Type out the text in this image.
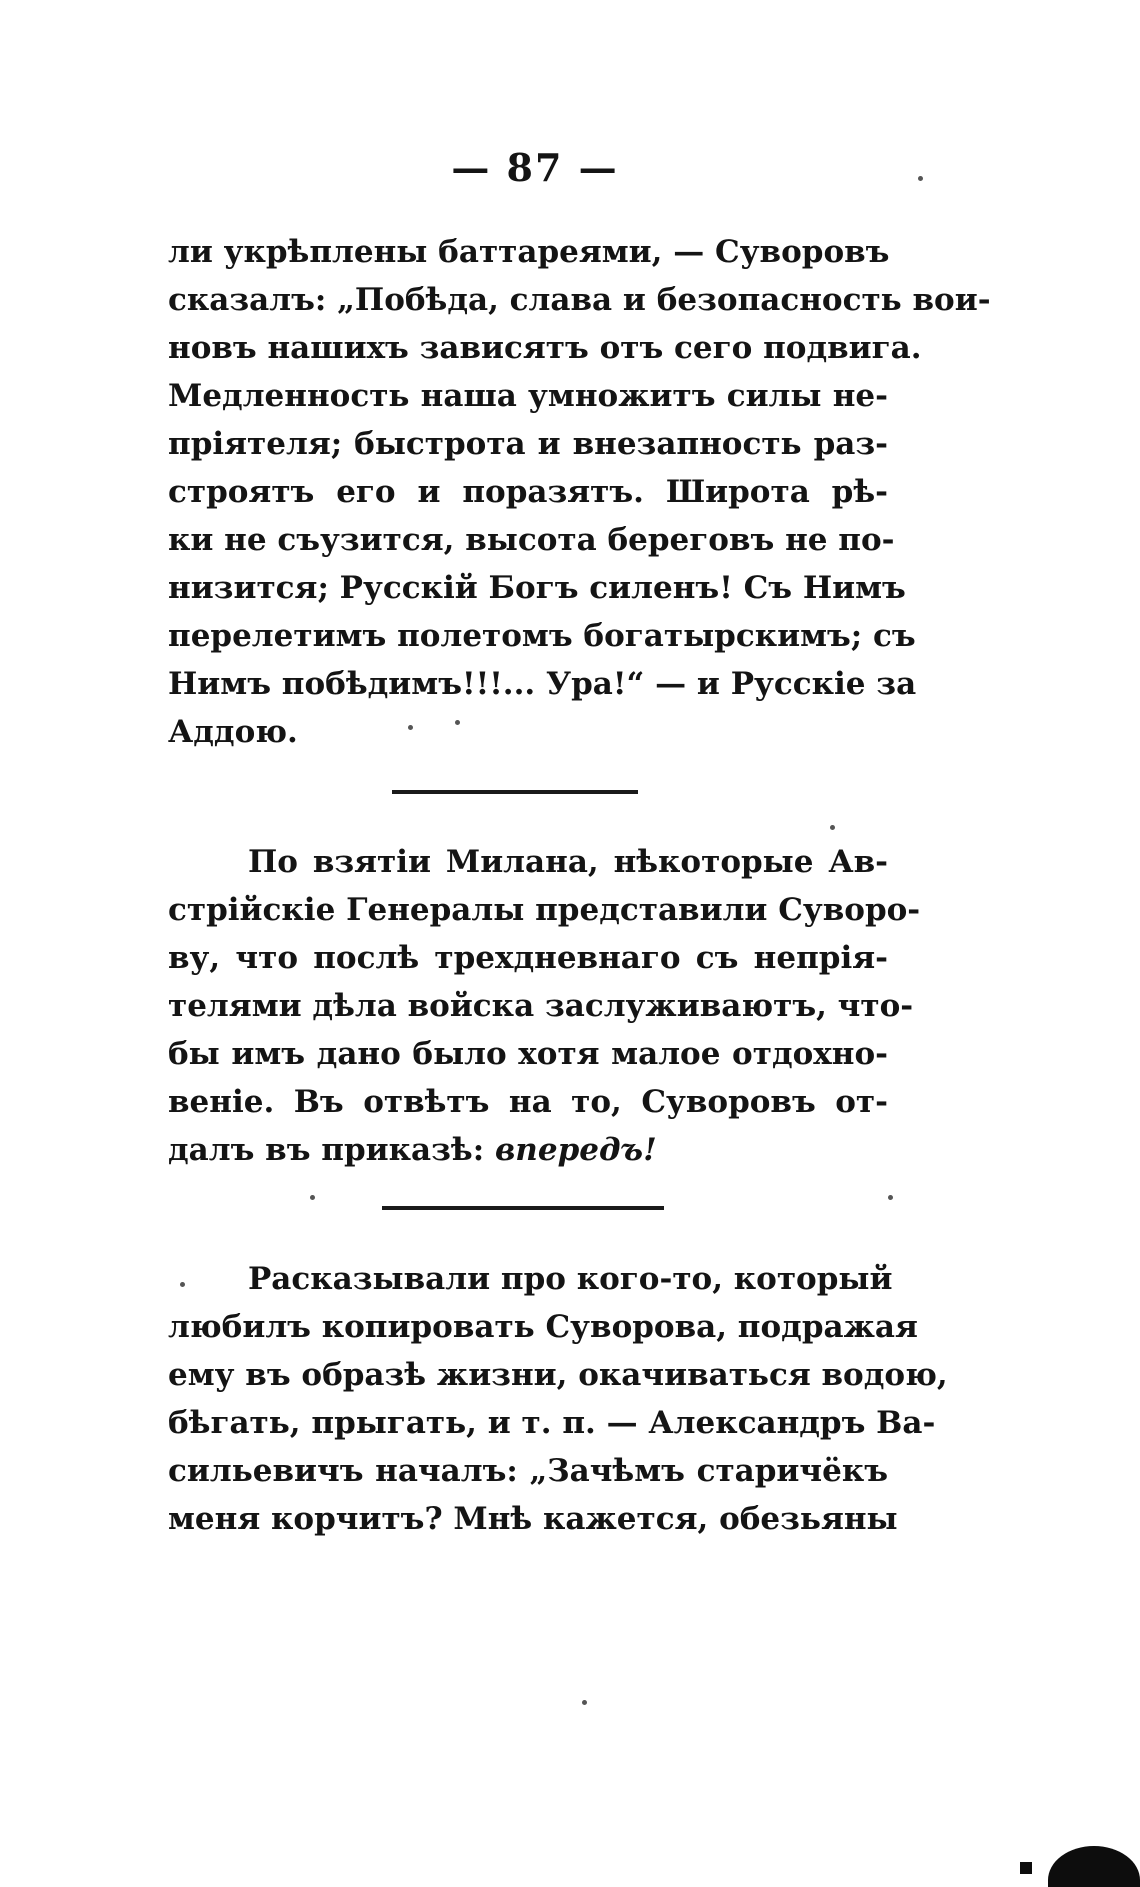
— 87 —
ли укрѣплены баттареями, — Суворовъ
сказалъ: „Побѣда, слава и безопасность вои-
новъ нашихъ зависятъ отъ сего подвига.
Медленность наша умножитъ силы не-
пріятеля; быстрота и внезапность раз-
строятъ его и поразятъ. Широта рѣ-
ки не съузится, высота береговъ не по-
низится; Русскій Богъ силенъ! Съ Нимъ
перелетимъ полетомъ богатырскимъ; съ
Нимъ побѣдимъ!!!... Ура!“ — и Русскіе за
Аддою.
По взятіи Милана, нѣкоторые Ав-
стрійскіе Генералы представили Суворо-
ву, что послѣ трехдневнаго съ непрія-
телями дѣла войска заслуживаютъ, что-
бы имъ дано было хотя малое отдохно-
веніе. Въ отвѣтъ на то, Суворовъ от-
далъ въ приказѣ: впередъ!
Расказывали про кого-то, который
любилъ копировать Суворова, подражая
ему въ образѣ жизни, окачиваться водою,
бѣгать, прыгать, и т. п. — Александръ Ва-
сильевичъ началъ: „Зачѣмъ старичёкъ
меня корчитъ? Мнѣ кажется, обезьяны
